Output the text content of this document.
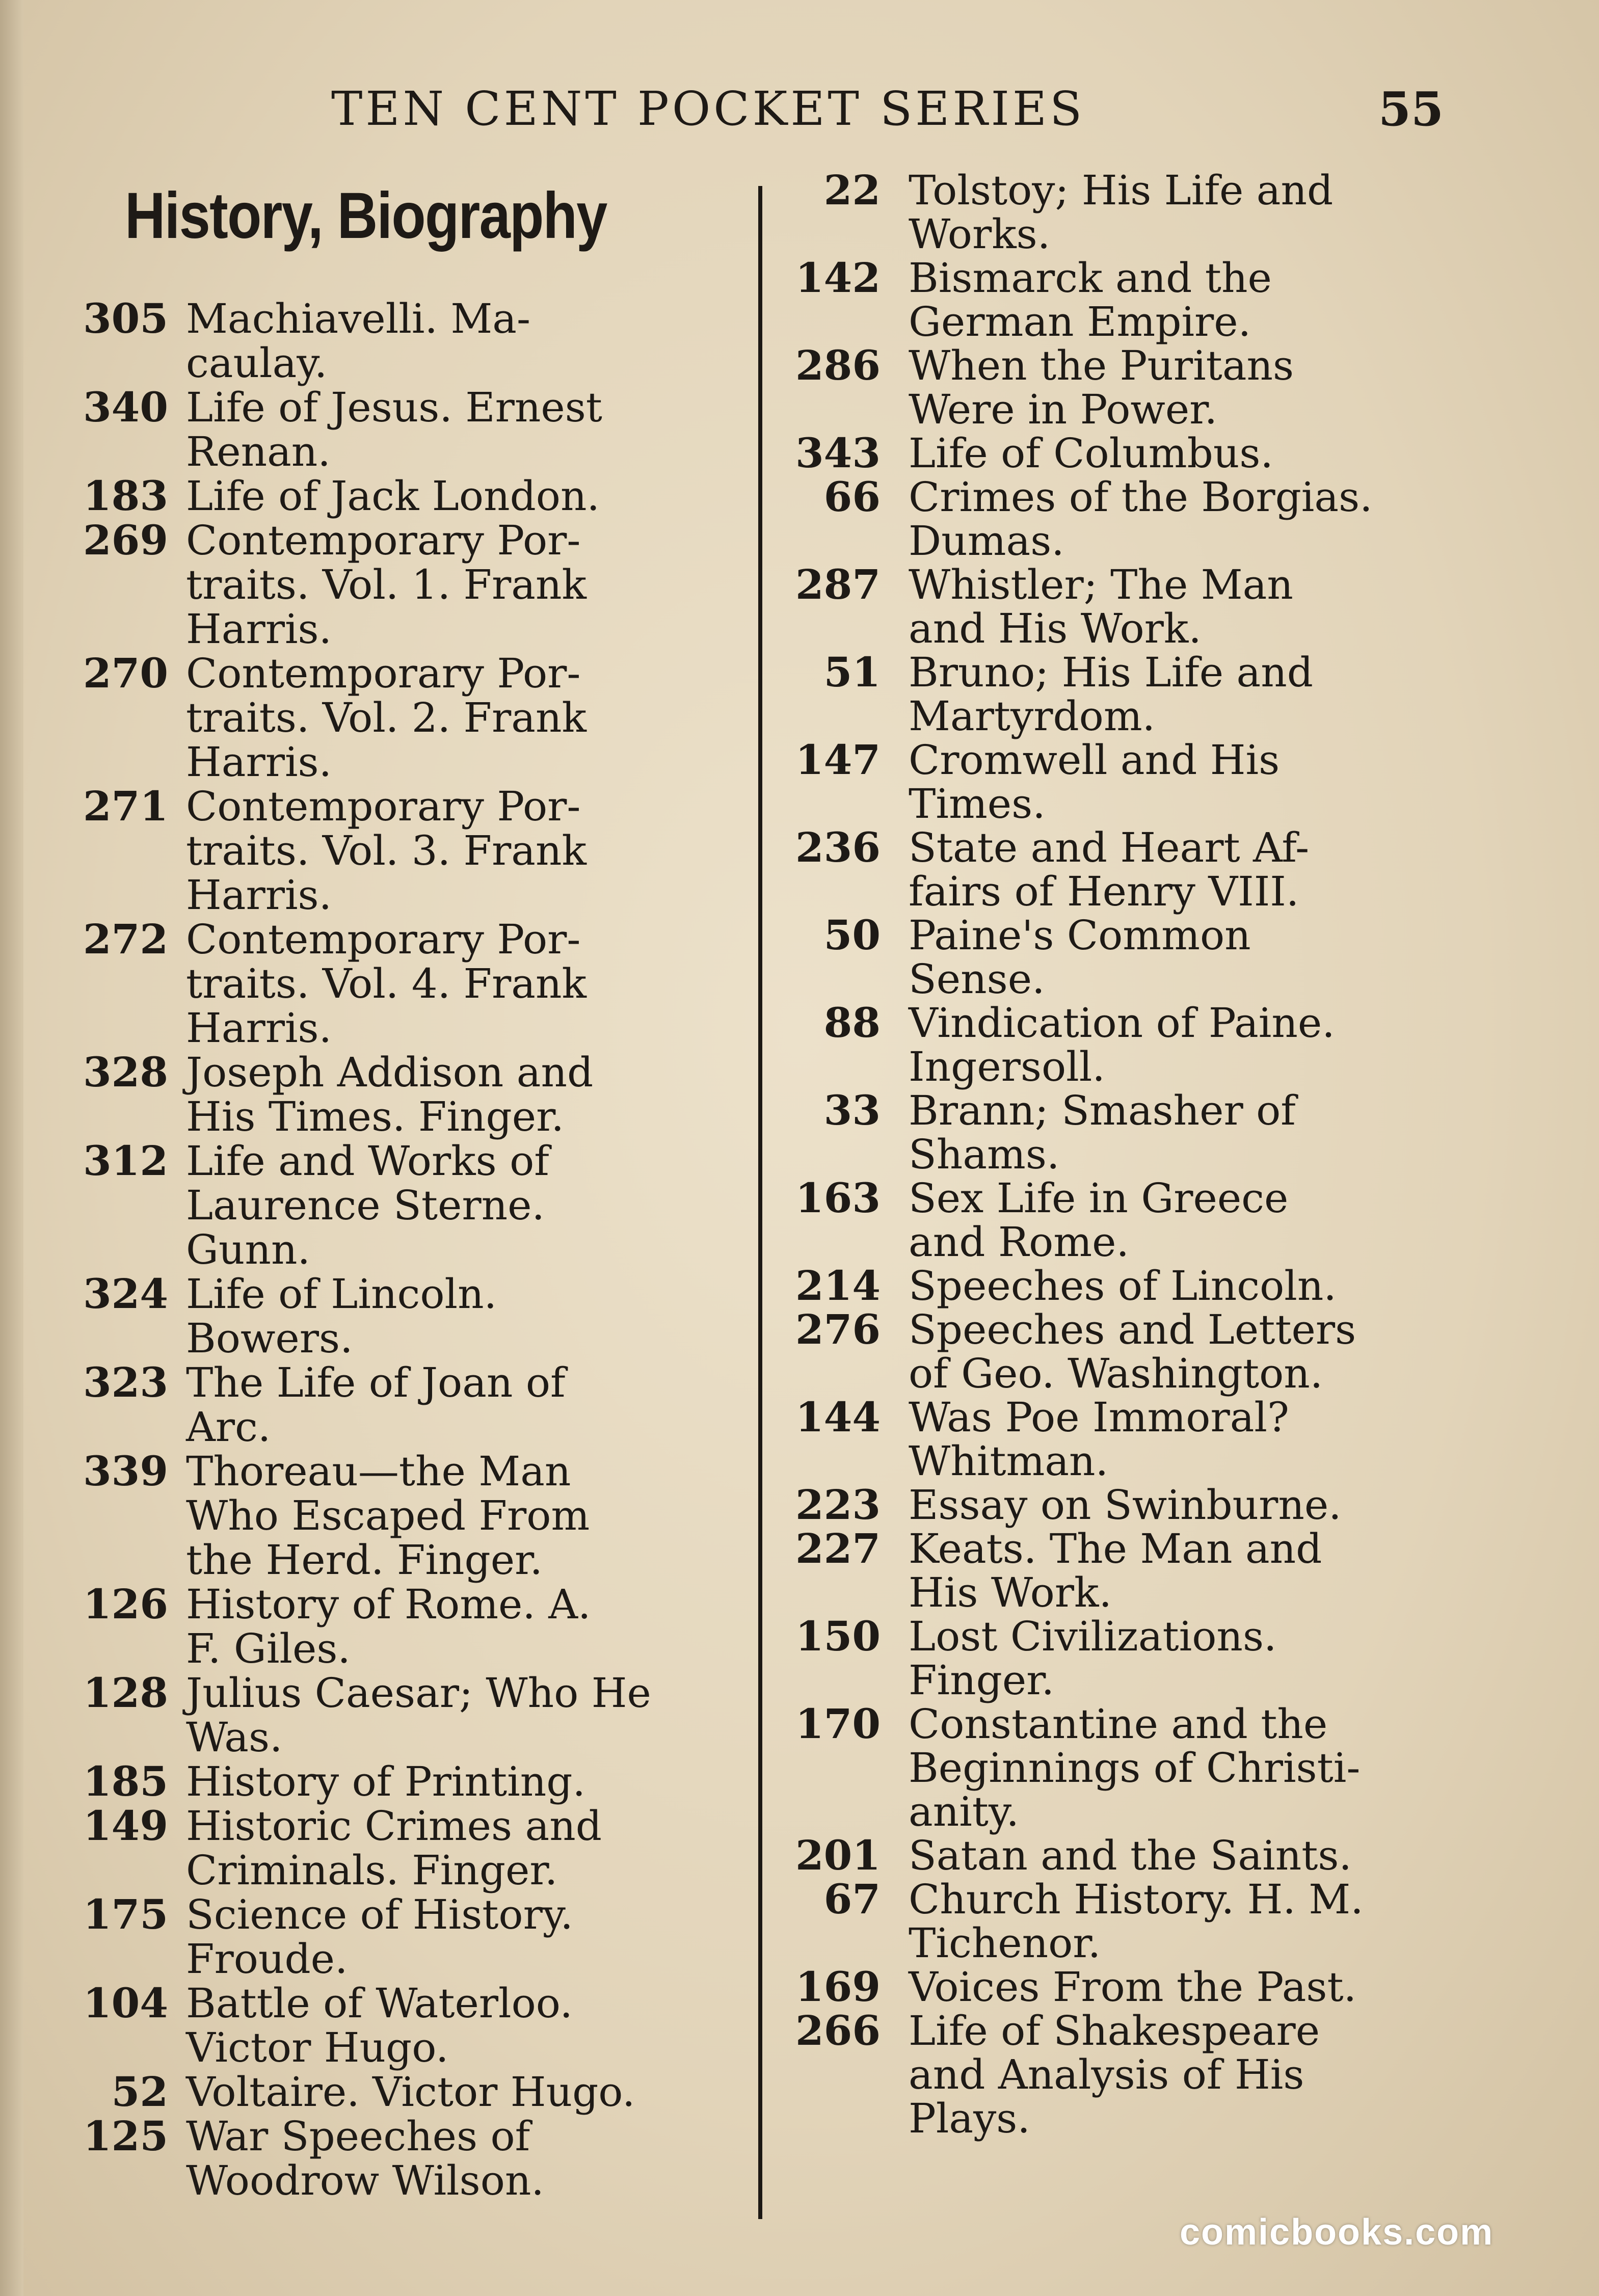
TEN CENT POCKET SERIES	55
History, Biography
305 Machiavelli. Ma-
caulay.
340 Life of Jesus. Ernest
Renan.
183 Life of Jack London.
269 Contemporary Por-
traits. Vol. 1. Frank
Harris.
270 Contemporary Por-
traits. Vol. 2. Frank
Harris.
271 Contemporary Por-
traits. Vol. 3. Frank
Harris.
272 Contemporary Por-
traits. Vol. 4. Frank
Harris.
328 Joseph Addison and
His Times. Finger.
312 Life and Works of
Laurence Sterne.
Gunn.
324 Life of Lincoln.
Bowers.
323 The Life of Joan of
Arc.
339 Thoreau—the Man
Who Escaped From
the Herd. Finger.
126 History of Rome. A.
F. Giles.
128 Julius Caesar; Who He
Was.
185 History of Printing.
149 Historic Crimes and
Criminals. Finger.
175 Science of History.
Froude.
104 Battle of Waterloo.
Victor Hugo.
52 Voltaire. Victor Hugo.
125 War Speeches of
Woodrow Wilson.
22 Tolstoy; His Life and
Works.
142 Bismarck and the
German Empire.
286 When the Puritans
Were in Power.
343 Life of Columbus.
66 Crimes of the Borgias.
Dumas.
287 Whistler; The Man
and His Work.
51 Bruno; His Life and
Martyrdom.
147 Cromwell and His
Times.
236 State and Heart Af-
fairs of Henry VIII.
50 Paine's Common
Sense.
88 Vindication of Paine.
Ingersoll.
33 Brann; Smasher of
Shams.
163 Sex Life in Greece
and Rome.
214 Speeches of Lincoln.
276 Speeches and Letters
of Geo. Washington.
144 Was Poe Immoral?
Whitman.
223 Essay on Swinburne.
227 Keats. The Man and
His Work.
150 Lost Civilizations.
Finger.
170 Constantine and the
Beginnings of Christi-
anity.
201 Satan and the Saints.
67 Church History. H. M.
Tichenor.
169 Voices From the Past.
266 Life of Shakespeare
and Analysis of His
Plays.
comicbooks.com
